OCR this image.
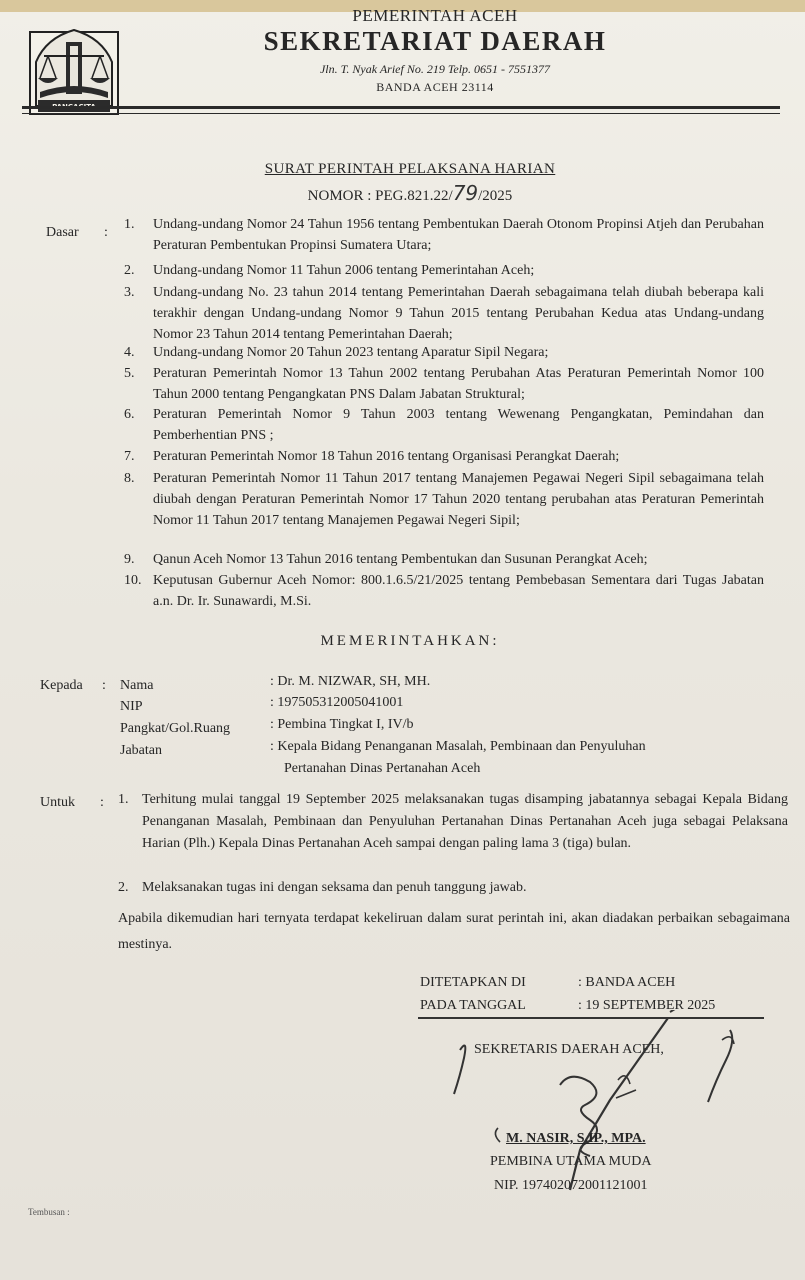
PEMERINTAH ACEH
SEKRETARIAT DAERAH
Jln. T. Nyak Arief No. 219 Telp. 0651 - 7551377
BANDA ACEH 23114
SURAT PERINTAH PELAKSANA HARIAN
NOMOR : PEG.821.22/79/2025
Dasar :
1. Undang-undang Nomor 24 Tahun 1956 tentang Pembentukan Daerah Otonom Propinsi Atjeh dan Perubahan Peraturan Pembentukan Propinsi Sumatera Utara;
2. Undang-undang Nomor 11 Tahun 2006 tentang Pemerintahan Aceh;
3. Undang-undang No. 23 tahun 2014 tentang Pemerintahan Daerah sebagaimana telah diubah beberapa kali terakhir dengan Undang-undang Nomor 9 Tahun 2015 tentang Perubahan Kedua atas Undang-undang Nomor 23 Tahun 2014 tentang Pemerintahan Daerah;
4. Undang-undang Nomor 20 Tahun 2023 tentang Aparatur Sipil Negara;
5. Peraturan Pemerintah Nomor 13 Tahun 2002 tentang Perubahan Atas Peraturan Pemerintah Nomor 100 Tahun 2000 tentang Pengangkatan PNS Dalam Jabatan Struktural;
6. Peraturan Pemerintah Nomor 9 Tahun 2003 tentang Wewenang Pengangkatan, Pemindahan dan Pemberhentian PNS ;
7. Peraturan Pemerintah Nomor 18 Tahun 2016 tentang Organisasi Perangkat Daerah;
8. Peraturan Pemerintah Nomor 11 Tahun 2017 tentang Manajemen Pegawai Negeri Sipil sebagaimana telah diubah dengan Peraturan Pemerintah Nomor 17 Tahun 2020 tentang perubahan atas Peraturan Pemerintah Nomor 11 Tahun 2017 tentang Manajemen Pegawai Negeri Sipil;
9. Qanun Aceh Nomor 13 Tahun 2016 tentang Pembentukan dan Susunan Perangkat Aceh;
10. Keputusan Gubernur Aceh Nomor: 800.1.6.5/21/2025 tentang Pembebasan Sementara dari Tugas Jabatan a.n. Dr. Ir. Sunawardi, M.Si.
MEMERINTAHKAN:
Kepada : Nama	: Dr. M. NIZWAR, SH, MH.
NIP	: 197505312005041001
Pangkat/Gol.Ruang	: Pembina Tingkat I, IV/b
Jabatan	: Kepala Bidang Penanganan Masalah, Pembinaan dan Penyuluhan
Pertanahan Dinas Pertanahan Aceh
Untuk : 1. Terhitung mulai tanggal 19 September 2025 melaksanakan tugas disamping jabatannya sebagai Kepala Bidang Penanganan Masalah, Pembinaan dan Penyuluhan Pertanahan Dinas Pertanahan Aceh juga sebagai Pelaksana Harian (Plh.) Kepala Dinas Pertanahan Aceh sampai dengan paling lama 3 (tiga) bulan.
2. Melaksanakan tugas ini dengan seksama dan penuh tanggung jawab.
Apabila dikemudian hari ternyata terdapat kekeliruan dalam surat perintah ini, akan diadakan perbaikan sebagaimana mestinya.
DITETAPKAN DI	: BANDA ACEH
PADA TANGGAL	: 19 SEPTEMBER 2025
SEKRETARIS DAERAH ACEH,
M. NASIR, S.IP., MPA.
PEMBINA UTAMA MUDA
NIP. 197402072001121001
Tembusan :
